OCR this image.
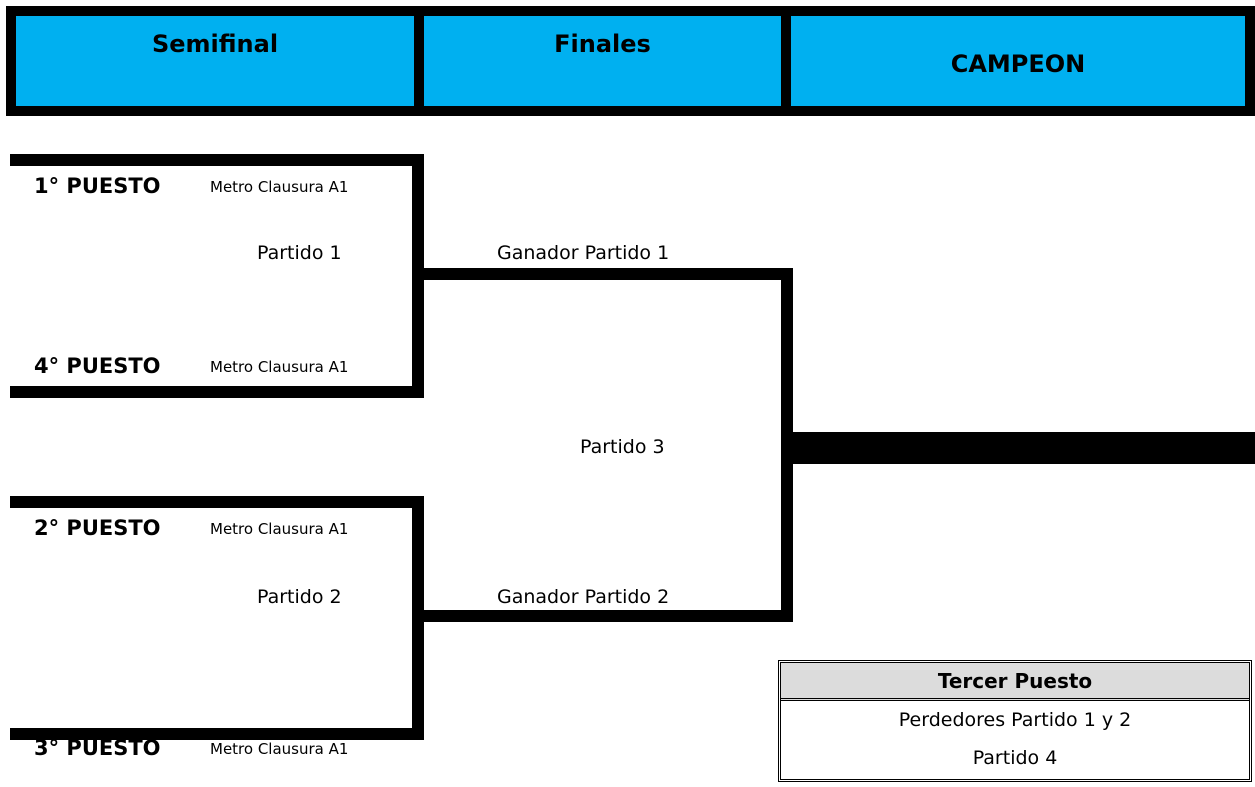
Semifinal	Finales
CAMPEON
1° PUESTO	Metro Clausura A1
Partido 1
4° PUESTO	Metro Clausura A1
2° PUESTO	Metro Clausura A1
Partido 2
3° PUESTO	Metro Clausura A1
Ganador Partido 1
Ganador Partido 2
Partido 3
Tercer Puesto
Perdedores Partido 1 y 2
Partido 4
